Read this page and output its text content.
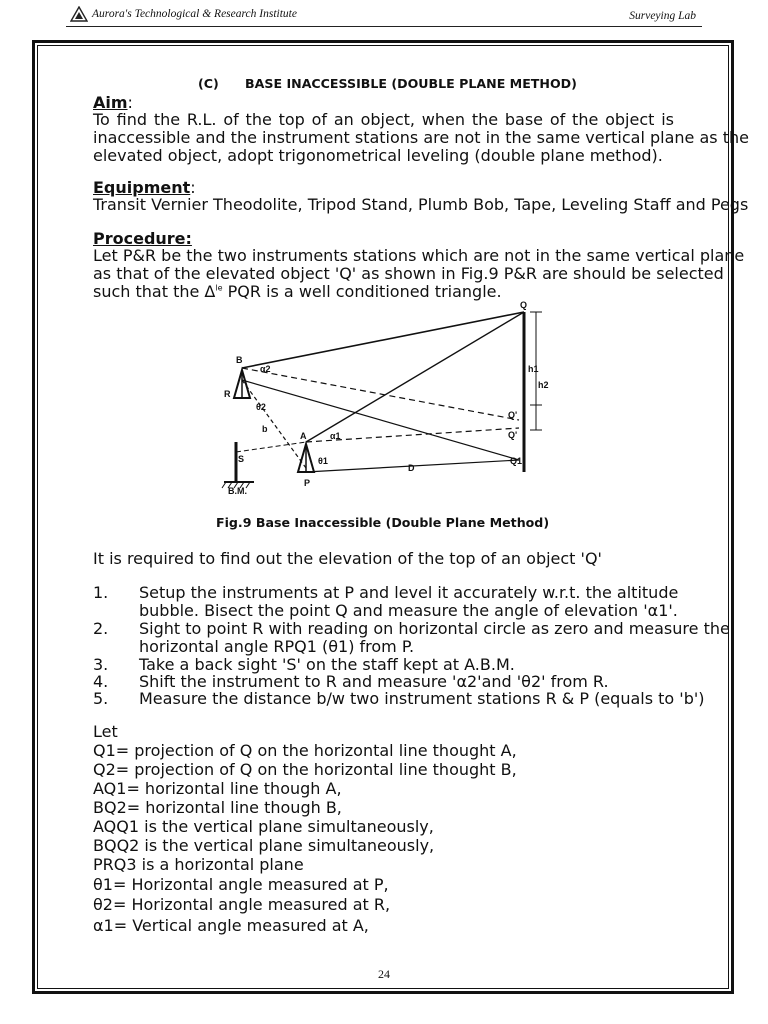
Aurora's Technological & Research Institute	Surveying Lab
(C)      BASE INACCESSIBLE (DOUBLE PLANE METHOD)
Aim:
To find the R.L. of the top of an object, when the base of the object is
inaccessible and the instrument stations are not in the same vertical plane as the
elevated object, adopt trigonometrical leveling (double plane method).
Equipment:
Transit Vernier Theodolite, Tripod Stand, Plumb Bob, Tape, Leveling Staff and Pegs
Procedure:
Let P&R be the two instruments stations which are not in the same vertical plane
as that of the elevated object 'Q' as shown in Fig.9 P&R are should be selected
such that the $\Delta^{le}$ PQR is a well conditioned triangle.
B
R
α2
θ2
b
A	α1
θ1
P
S
B.M.
D
Q
Q'
Q'
Q1
h1
h2
Fig.9 Base Inaccessible (Double Plane Method)
It is required to find out the elevation of the top of an object 'Q'
1. Setup the instruments at P and level it accurately w.r.t. the altitude
bubble. Bisect the point Q and measure the angle of elevation 'α1'.
2. Sight to point R with reading on horizontal circle as zero and measure the
horizontal angle RPQ1 (θ1) from P.
3. Take a back sight 'S' on the staff kept at A.B.M.
4. Shift the instrument to R and measure 'α2'and 'θ2' from R.
5. Measure the distance b/w two instrument stations R & P (equals to 'b')
Let
Q1= projection of Q on the horizontal line thought A,
Q2= projection of Q on the horizontal line thought B,
AQ1= horizontal line though A,
BQ2= horizontal line though B,
AQQ1 is the vertical plane simultaneously,
BQQ2 is the vertical plane simultaneously,
PRQ3 is a horizontal plane
θ1= Horizontal angle measured at P,
θ2= Horizontal angle measured at R,
α1= Vertical angle measured at A,
24
